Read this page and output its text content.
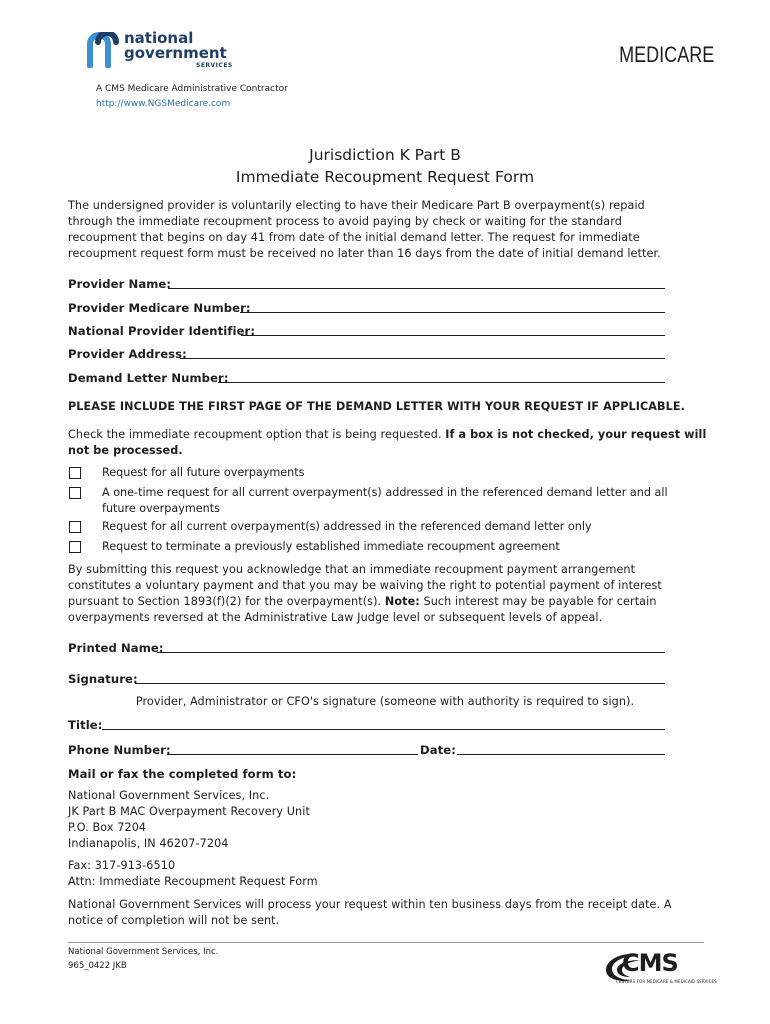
national
government
SERVICES	MEDICARE
A CMS Medicare Administrative Contractor
http://www.NGSMedicare.com
Jurisdiction K Part B
Immediate Recoupment Request Form
The undersigned provider is voluntarily electing to have their Medicare Part B overpayment(s) repaid through the immediate recoupment process to avoid paying by check or waiting for the standard recoupment that begins on day 41 from date of the initial demand letter. The request for immediate recoupment request form must be received no later than 16 days from the date of initial demand letter.
Provider Name:
Provider Medicare Number:
National Provider Identifier:
Provider Address:
Demand Letter Number:
PLEASE INCLUDE THE FIRST PAGE OF THE DEMAND LETTER WITH YOUR REQUEST IF APPLICABLE.
Check the immediate recoupment option that is being requested. If a box is not checked, your request will not be processed.
Request for all future overpayments
A one-time request for all current overpayment(s) addressed in the referenced demand letter and all future overpayments
Request for all current overpayment(s) addressed in the referenced demand letter only
Request to terminate a previously established immediate recoupment agreement
By submitting this request you acknowledge that an immediate recoupment payment arrangement constitutes a voluntary payment and that you may be waiving the right to potential payment of interest pursuant to Section 1893(f)(2) for the overpayment(s). Note: Such interest may be payable for certain overpayments reversed at the Administrative Law Judge level or subsequent levels of appeal.
Printed Name:
Signature:
Provider, Administrator or CFO's signature (someone with authority is required to sign).
Title:
Phone Number:	Date:
Mail or fax the completed form to:
National Government Services, Inc.
JK Part B MAC Overpayment Recovery Unit
P.O. Box 7204
Indianapolis, IN 46207-7204
Fax: 317-913-6510
Attn: Immediate Recoupment Request Form
National Government Services will process your request within ten business days from the receipt date. A notice of completion will not be sent.
National Government Services, Inc.
965_0422 JKB	CMS
CENTERS FOR MEDICARE & MEDICAID SERVICES
